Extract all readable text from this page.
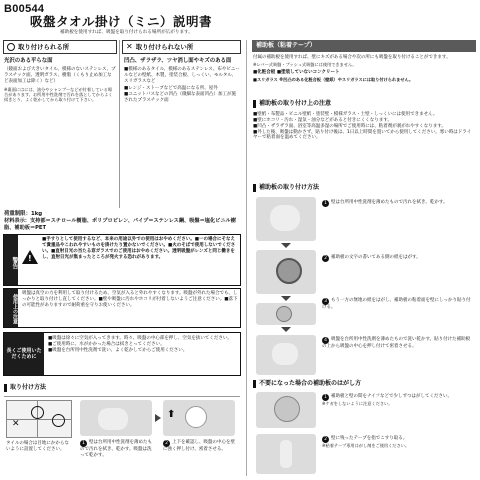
B00544
吸盤タオル掛け（ミニ）説明書
補助板を使用すれば、吸盤を取り付けられる場所が広がります。
取り付けられる所
光沢のある平らな面
（鏡面および大きいタイル、模様のないステンレス、プラスチック面、透明ガラス、樹脂（くもり止め加工など表面加工は除く）など）
※裏面にはには、油分やシャンプーなどが付着している場合があります。お所用中性洗剤で汚れを落としてからよく拭きとり、よく乾かしてから取り付けて下さい。
✕ 取り付けられない所
凹凸、ザラザラ、ツヤ消し面やキズのある面
■模様のあるタイル、模様のあるステンレス、布やビニールなどの壁紙、木製、塗装合板、しっくい、モルタル、スリガラスなど
■レンジ・ストーブなどで高温になる所、屋外
■ユニットバスなどの凹凸（微細な表面凹凸）加工が施されたプラスチック面
荷重制限：1kg
材料表示：支持部＝スチロール樹脂、ポリプロピレン、パイプ＝ステンレス鋼、吸盤＝塩化ビニル樹脂、補助板＝PET
警告 !
■手すりとして使用するなど、本来の用途以外での使用はおやめください。■一の場合にそなえて貴重品やこわれやすいものを掛けたり置かないでください。■火のそばで使用しないでください。■直射日光の当たる窓ガラスでのご使用はおやめください。透明吸盤がレンズと同じ働きをし、直射日光が集まったところが発火する恐れがあります。
使用上の注意
吸盤は真空の力を利用して取り付けるため、空気が入ると外れやすくなります。吸盤が外れた場合でも、しっかりと取り付けし直してください。■壁や吸盤に汚れやホコリが付着しないようご注意ください。■落下の可能性がありますので耐荷重を守りお使いください。
長くご使用いただくために
■吸盤は徐々に空気が入ってきます。時々、吸盤の中心部を押し、空気を抜いてください。
■ご使用時に、水がかかった場合は拭きとってください。
■吸盤を台所用中性洗剤で洗い、よく乾かしてからご使用ください。
取り付け方法
✕
タイルの場合は目地にかからないように設置してください。
1 壁は台所用中性洗剤を薄めたもので汚れを拭き、乾かす。吸盤は洗って乾かす。
⬆
2 上下を確認し、吸盤の中心を壁に強く押し付け、密着させる。
補助板（粘着テープ）
付属の補助板を使用すれば、壁にキズがある場合や次の所にも吸盤を取り付けることができます。
※レバー式吸盤・プッシュ式吸盤には使用できません。
■化粧合板 ■塗装していないコンクリート
■スリガラス ※凹凸のある化粧合板（壁紙）やスリガラスには取り付けられません。
補助板の取り付け上の注意
■壁紙・布製品・ビニル壁紙・塗装壁・模様ガラス・土壁・しっくいには使用できません。
■壁にホコリ・汚れ・湿気・油分などがあると付きにくくなります。
■凹凸・ザラザラ面、浴室等高温多湿の場所でご使用時には、粘着剤が剥がれやすくなります。
■外した後、吸盤は動かさず、貼り付け後は、1日以上時間を置いてから使用してください。寒い時はドライヤーで粘着面を温めてください。
補助板の取り付け方法
1 壁は台所用中性洗剤を薄めたもので汚れを拭き、乾かす。
2 補助板の文字の書いてある側の紙をはがす。
3 もう一方の無地の紙をはがし、補助板の粘着面を壁にしっかり貼り付ける。
4 吸盤を台所用中性洗剤を薄めたもので洗い乾かす。貼り付けた補助板の上から吸盤の中心を押し付けて密着させる。
不要になった場合の補助板のはがし方
1 補助板と壁の間をナイフなどで少しずつはがしてください。
※ケガをしないように注意ください。
2 壁に残ったテープを指でこすり取る。
※粘着テープ専用はがし剤をご使用ください。
